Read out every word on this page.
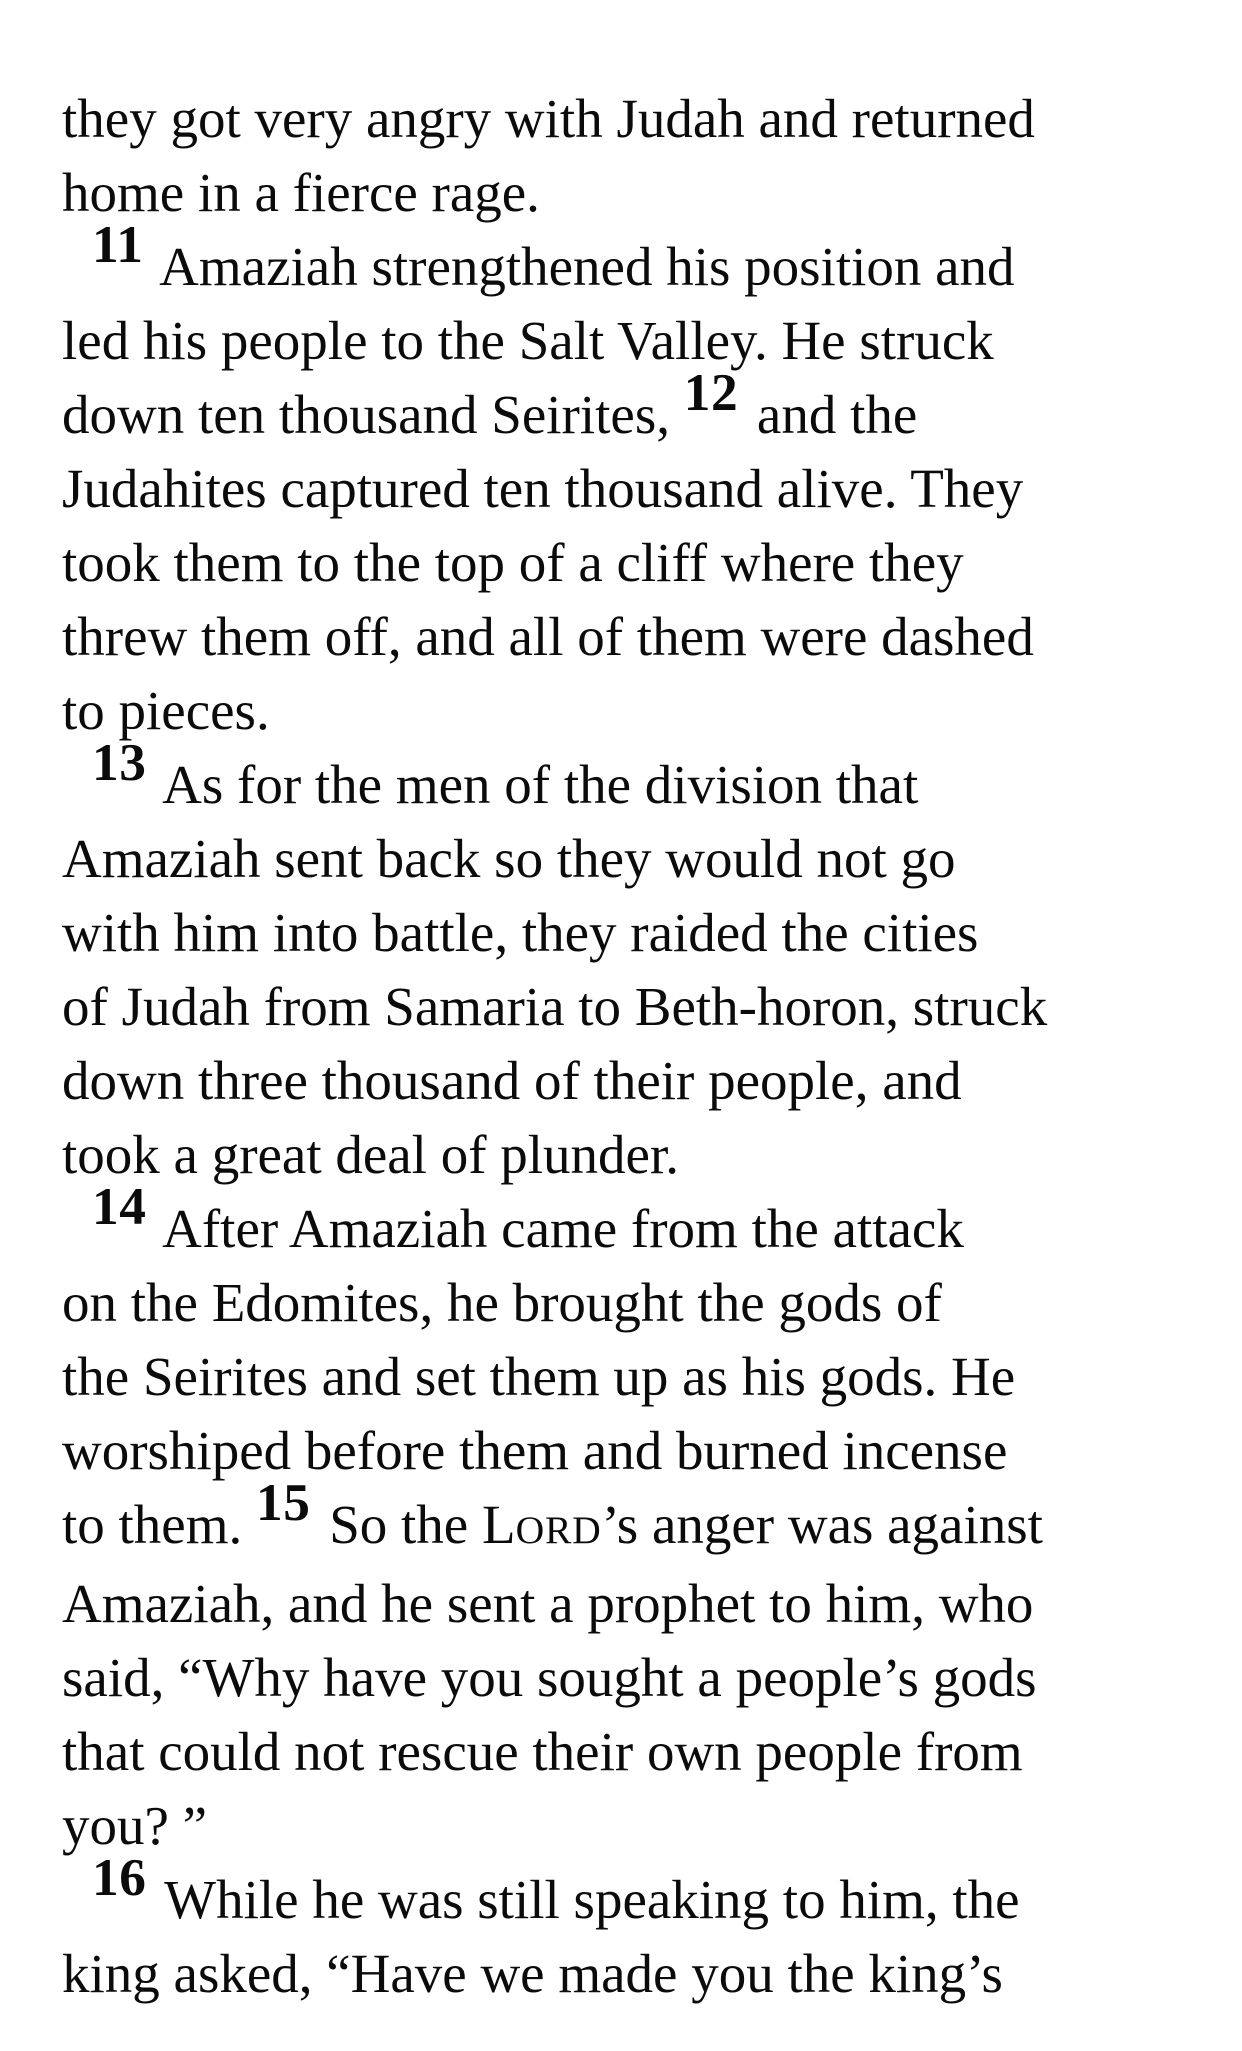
they got very angry with Judah and returned
home in a fierce rage.
11 Amaziah strengthened his position and
led his people to the Salt Valley. He struck
down ten thousand Seirites, 12 and the
Judahites captured ten thousand alive. They
took them to the top of a cliff where they
threw them off, and all of them were dashed
to pieces.
13 As for the men of the division that
Amaziah sent back so they would not go
with him into battle, they raided the cities
of Judah from Samaria to Beth-horon, struck
down three thousand of their people, and
took a great deal of plunder.
14 After Amaziah came from the attack
on the Edomites, he brought the gods of
the Seirites and set them up as his gods. He
worshiped before them and burned incense
to them. 15 So the LORD’s anger was against
Amaziah, and he sent a prophet to him, who
said, “Why have you sought a people’s gods
that could not rescue their own people from
you? ”
16 While he was still speaking to him, the
king asked, “Have we made you the king’s
